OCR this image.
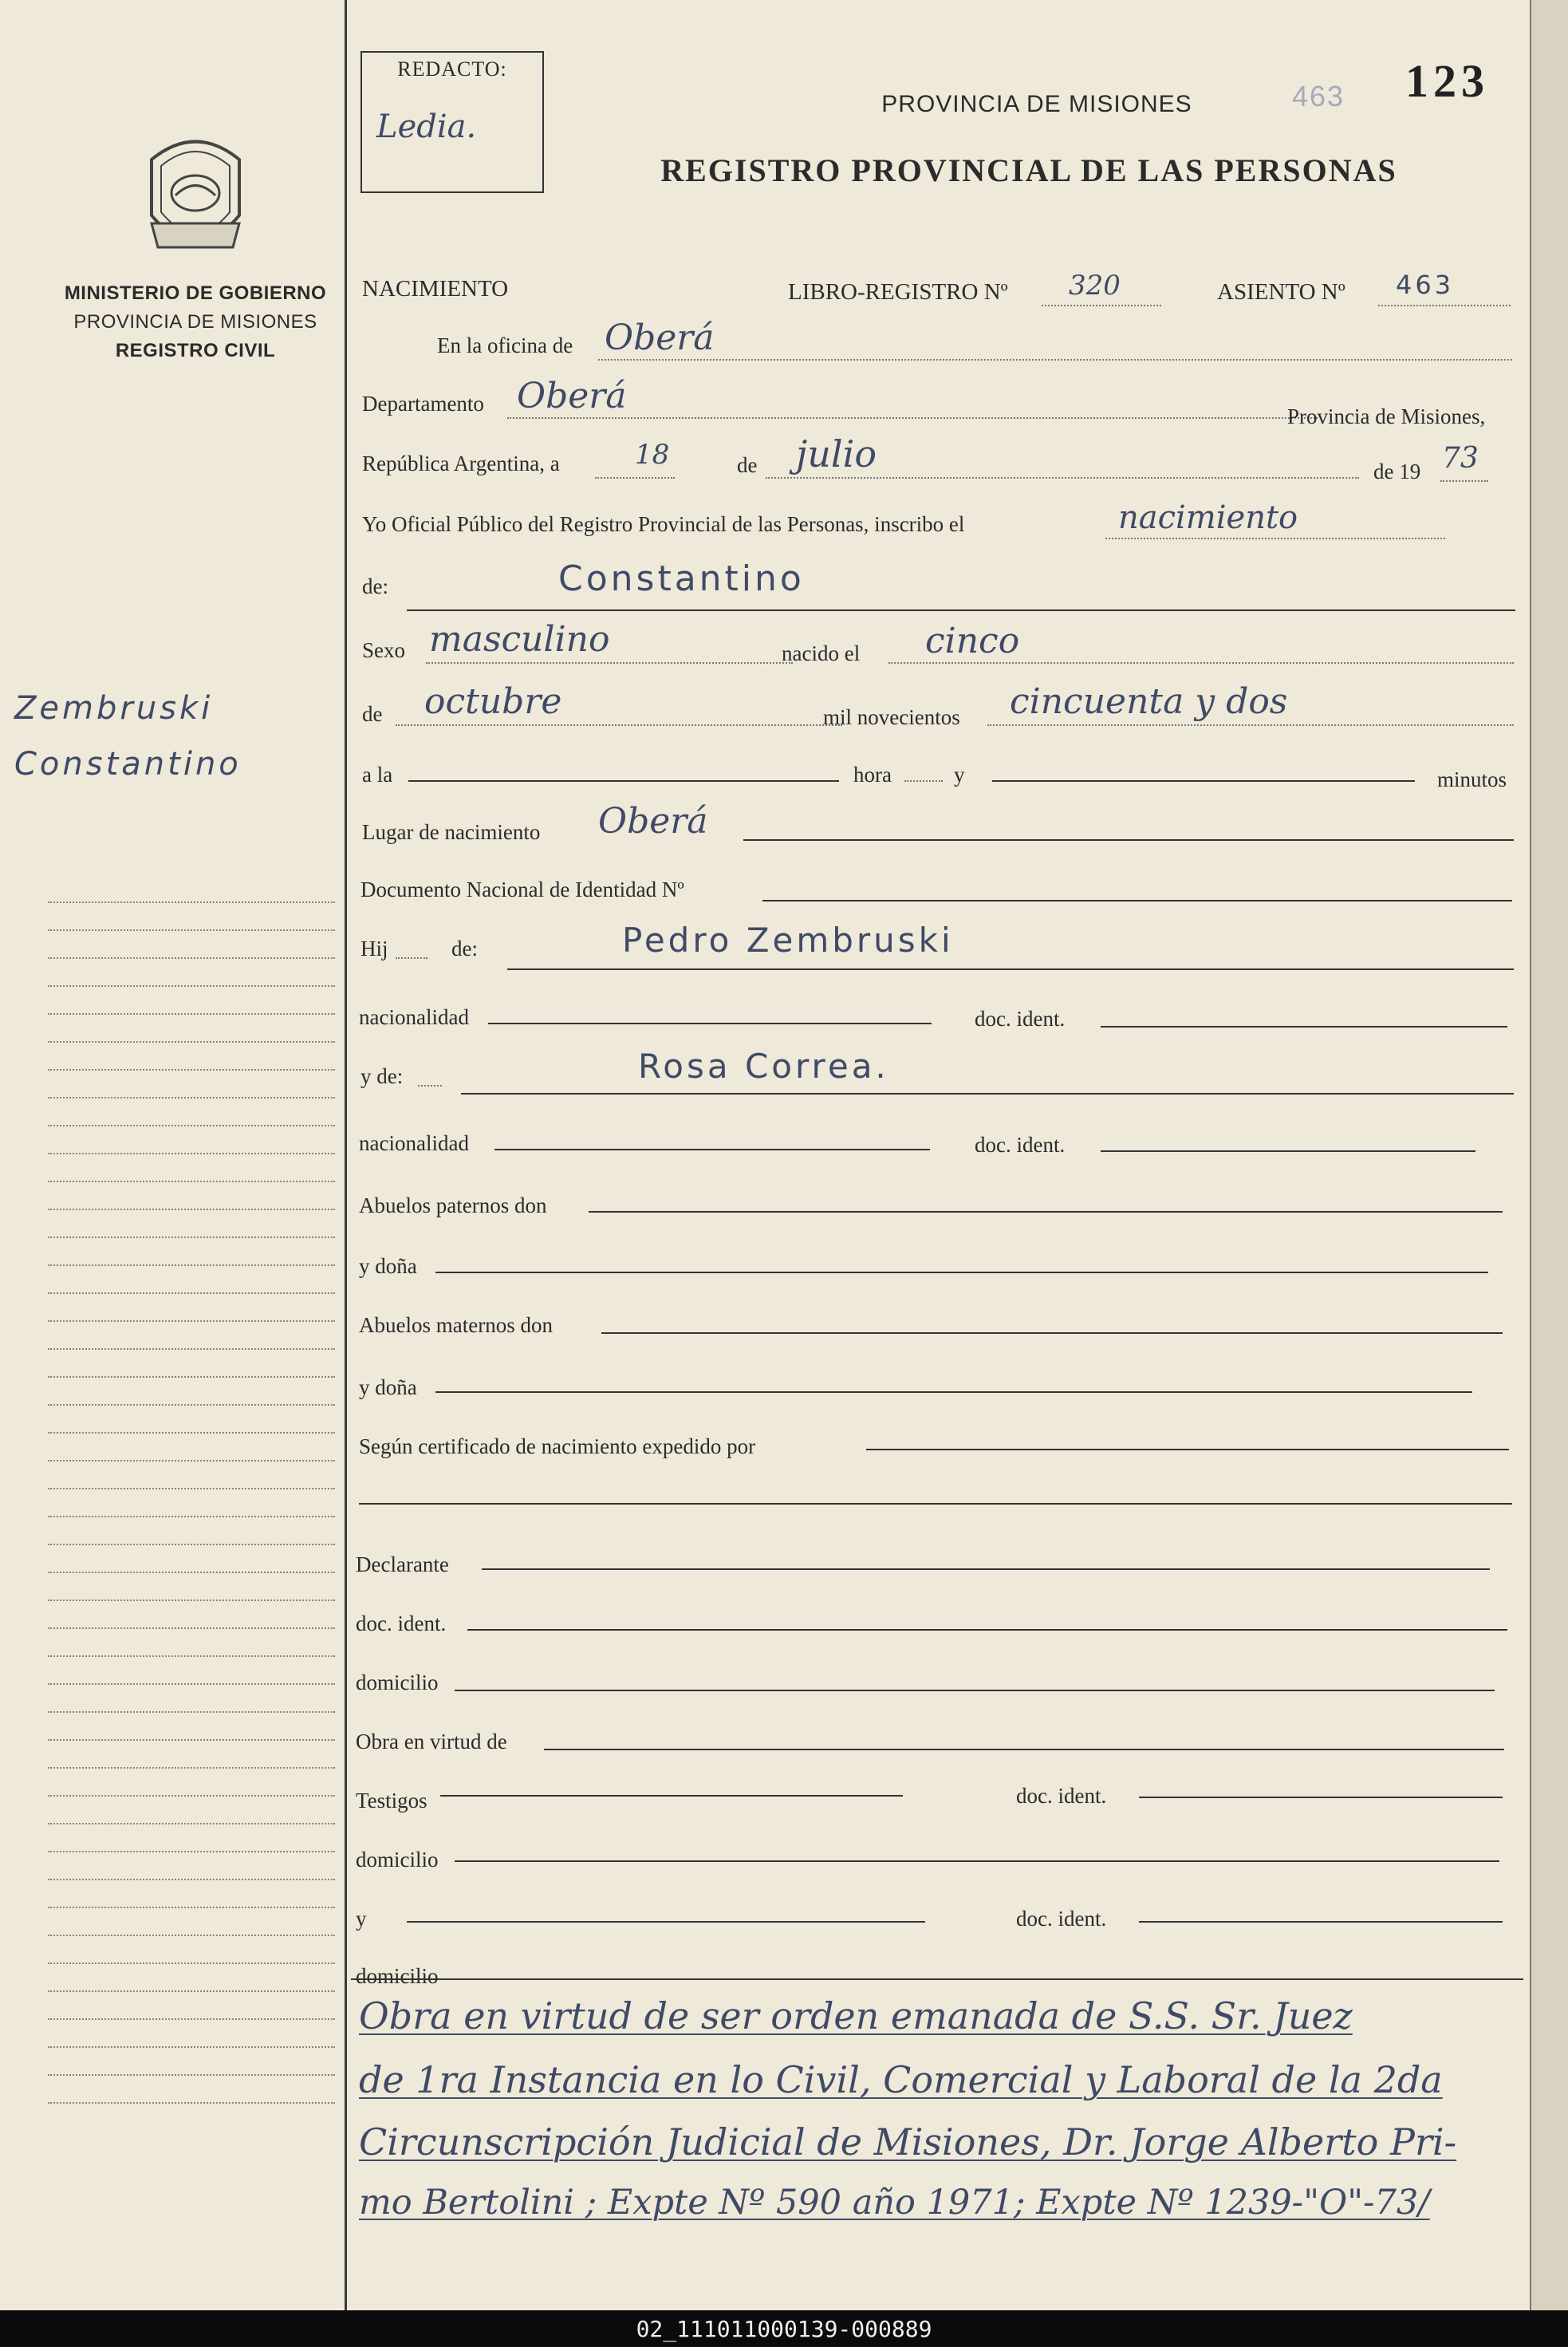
MINISTERIO DE GOBIERNO
PROVINCIA DE MISIONES
REGISTRO CIVIL
Zembruski
Constantino
REDACTO:
Ledia.
PROVINCIA DE MISIONES	463 123
REGISTRO PROVINCIAL DE LAS PERSONAS
NACIMIENTO	LIBRO-REGISTRO Nº 320	ASIENTO Nº 463
En la oficina de Oberá
Departamento Oberá	Provincia de Misiones,
República Argentina, a	18	de julio	de 19 73
Yo Oficial Público del Registro Provincial de las Personas, inscribo el	nacimiento
de:	Constantino
Sexo masculino	nacido el cinco
de octubre	mil novecientos cincuenta y dos
a la	hora	y	minutos
Lugar de nacimiento Oberá
Documento Nacional de Identidad Nº
Hij	de:	Pedro Zembruski
nacionalidad	doc. ident.
y de:	Rosa Correa.
nacionalidad	doc. ident.
Abuelos paternos don
y doña
Abuelos maternos don
y doña
Según certificado de nacimiento expedido por
Declarante
doc. ident.
domicilio
Obra en virtud de
Testigos	doc. ident.
domicilio
y	doc. ident.
domicilio
Obra en virtud de ser orden emanada de S.S. Sr. Juez
de 1ra Instancia en lo Civil, Comercial y Laboral de la 2da
Circunscripción Judicial de Misiones, Dr. Jorge Alberto Pri-
mo Bertolini ; Expte Nº 590 año 1971; Expte Nº 1239-"O"-73/
02_111011000139-000889
